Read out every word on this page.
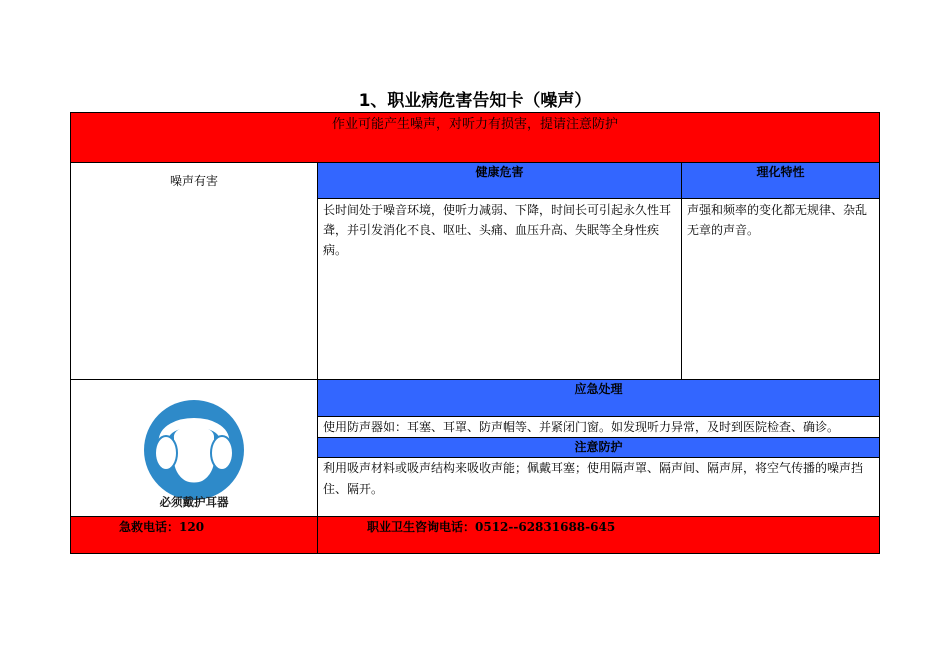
1、职业病危害告知卡（噪声）
作业可能产生噪声，对听力有损害，提请注意防护
噪声有害
健康危害
长时间处于噪音环境，使听力减弱、下降，时间长可引起永久性耳聋，并引发消化不良、呕吐、头痛、血压升高、失眠等全身性疾病。
理化特性
声强和频率的变化都无规律、杂乱无章的声音。
应急处理
使用防声器如：耳塞、耳罩、防声帽等、并紧闭门窗。如发现听力异常，及时到医院检查、确诊。
注意防护
利用吸声材料或吸声结构来吸收声能；佩戴耳塞；使用隔声罩、隔声间、隔声屏，将空气传播的噪声挡住、隔开。
必须戴护耳器
急救电话：120	职业卫生咨询电话：0512--62831688-645
